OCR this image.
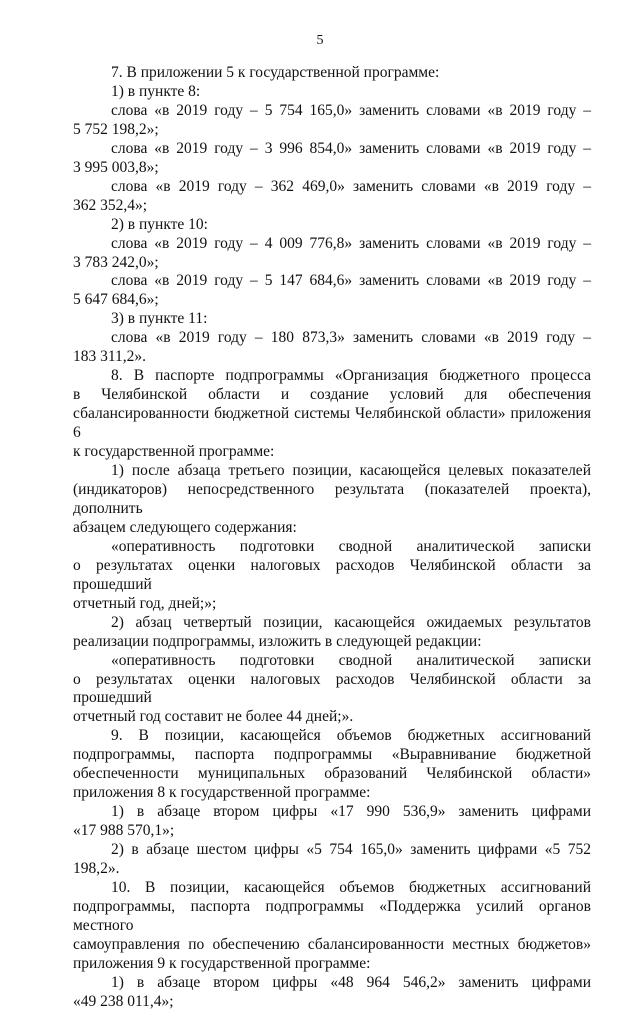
5

7. В приложении 5 к государственной программе:

1) в пункте 8:

слова «в 2019 году – 5 754 165,0» заменить словами «в 2019 году –

5 752 198,2»;

слова «в 2019 году – 3 996 854,0» заменить словами «в 2019 году –

3 995 003,8»;

слова «в 2019 году – 362 469,0» заменить словами «в 2019 году –

362 352,4»;

2) в пункте 10:

слова «в 2019 году – 4 009 776,8» заменить словами «в 2019 году –

3 783 242,0»;

слова «в 2019 году – 5 147 684,6» заменить словами «в 2019 году –

5 647 684,6»;

3) в пункте 11:

слова «в 2019 году – 180 873,3» заменить словами «в 2019 году –

183 311,2».

8. В паспорте подпрограммы «Организация бюджетного процесса

в Челябинской области и создание условий для обеспечения

сбалансированности бюджетной системы Челябинской области» приложения 6

к государственной программе:

1) после абзаца третьего позиции, касающейся целевых показателей

(индикаторов) непосредственного результата (показателей проекта), дополнить

абзацем следующего содержания:

«оперативность подготовки сводной аналитической записки

о результатах оценки налоговых расходов Челябинской области за прошедший

отчетный год, дней;»;

2) абзац четвертый позиции, касающейся ожидаемых результатов

реализации подпрограммы, изложить в следующей редакции:

«оперативность подготовки сводной аналитической записки

о результатах оценки налоговых расходов Челябинской области за прошедший

отчетный год составит не более 44 дней;».

9. В позиции, касающейся объемов бюджетных ассигнований

подпрограммы, паспорта подпрограммы «Выравнивание бюджетной

обеспеченности муниципальных образований Челябинской области»

приложения 8 к государственной программе:

1) в абзаце втором цифры «17 990 536,9» заменить цифрами

«17 988 570,1»;

2) в абзаце шестом цифры «5 754 165,0» заменить цифрами «5 752 198,2».

10. В позиции, касающейся объемов бюджетных ассигнований

подпрограммы, паспорта подпрограммы «Поддержка усилий органов местного

самоуправления по обеспечению сбалансированности местных бюджетов»

приложения 9 к государственной программе:

1) в абзаце втором цифры «48 964 546,2» заменить цифрами

«49 238 011,4»;
